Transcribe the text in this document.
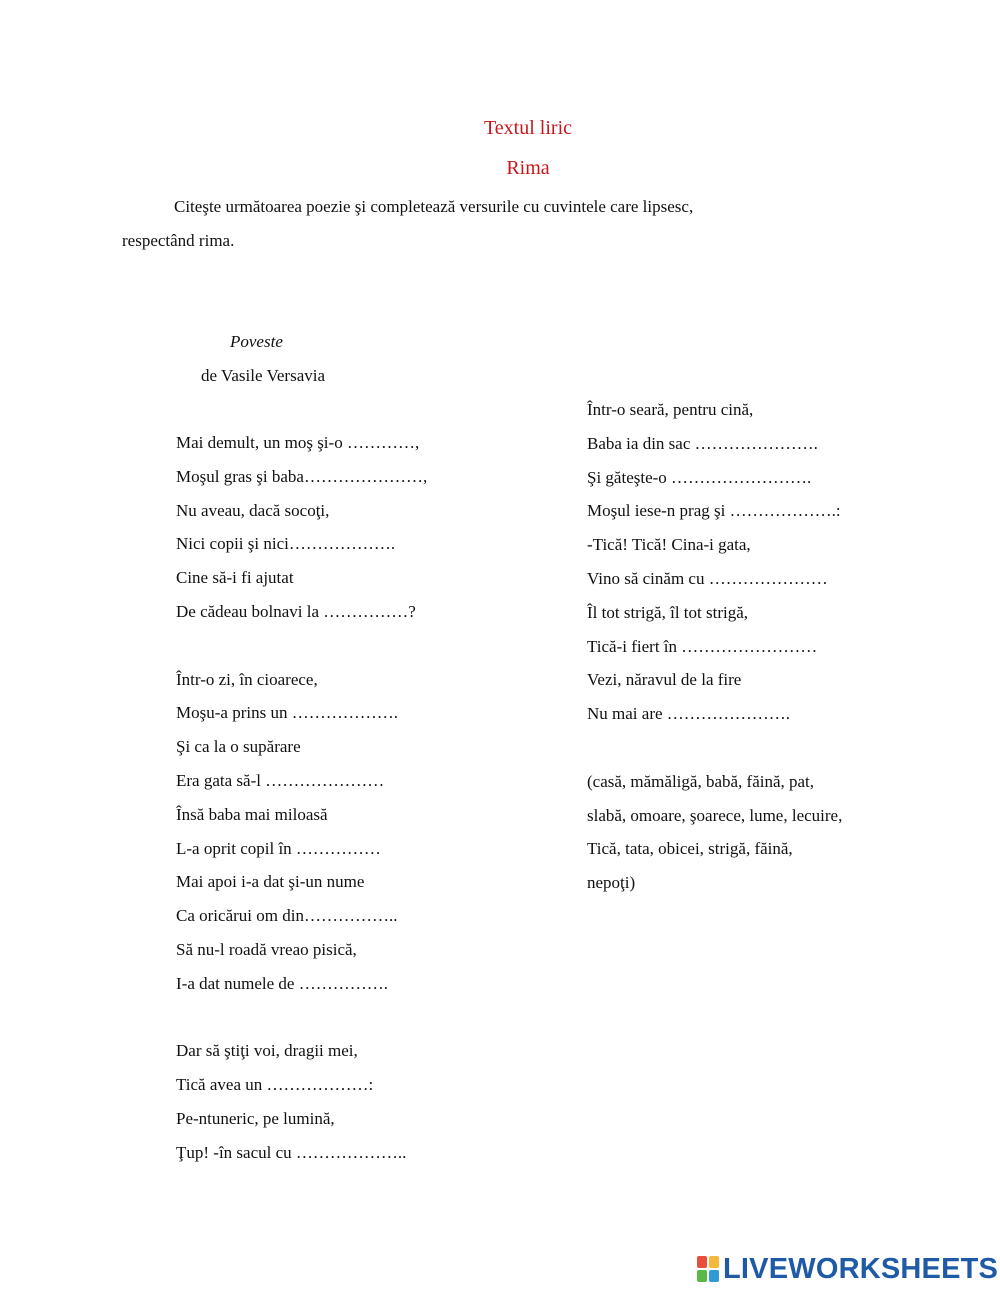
Textul liric
Rima
Citeşte următoarea poezie şi completează versurile cu cuvintele care lipsesc,
respectând rima.
Poveste
de Vasile Versavia
Mai demult, un moş şi-o …………,
Moşul gras şi baba…………………,
Nu aveau, dacă socoţi,
Nici copii şi nici……………….
Cine să-i fi ajutat
De cădeau bolnavi la ……………?
Într-o zi, în cioarece,
Moşu-a prins un ……………….
Şi ca la o supărare
Era gata să-l …………………
Însă baba mai miloasă
L-a oprit copil în ……………
Mai apoi i-a dat şi-un nume
Ca oricărui om din……………..
Să nu-l roadă vreao pisică,
I-a dat numele de …………….
Dar să ştiţi voi, dragii mei,
Tică avea un ………………:
Pe-ntuneric, pe lumină,
Ţup! -în sacul cu ………………..
Într-o seară, pentru cină,
Baba ia din sac ………………….
Şi găteşte-o …………………….
Moşul iese-n prag şi ……………….:
-Tică! Tică! Cina-i gata,
Vino să cinăm cu …………………
Îl tot strigă, îl tot strigă,
Tică-i fiert în ……………………
Vezi, năravul de la fire
Nu mai are ………………….
(casă, mămăligă, babă, făină, pat,
slabă, omoare, şoarece, lume, lecuire,
Tică, tata, obicei, strigă, făină,
nepoţi)
LIVEWORKSHEETS
